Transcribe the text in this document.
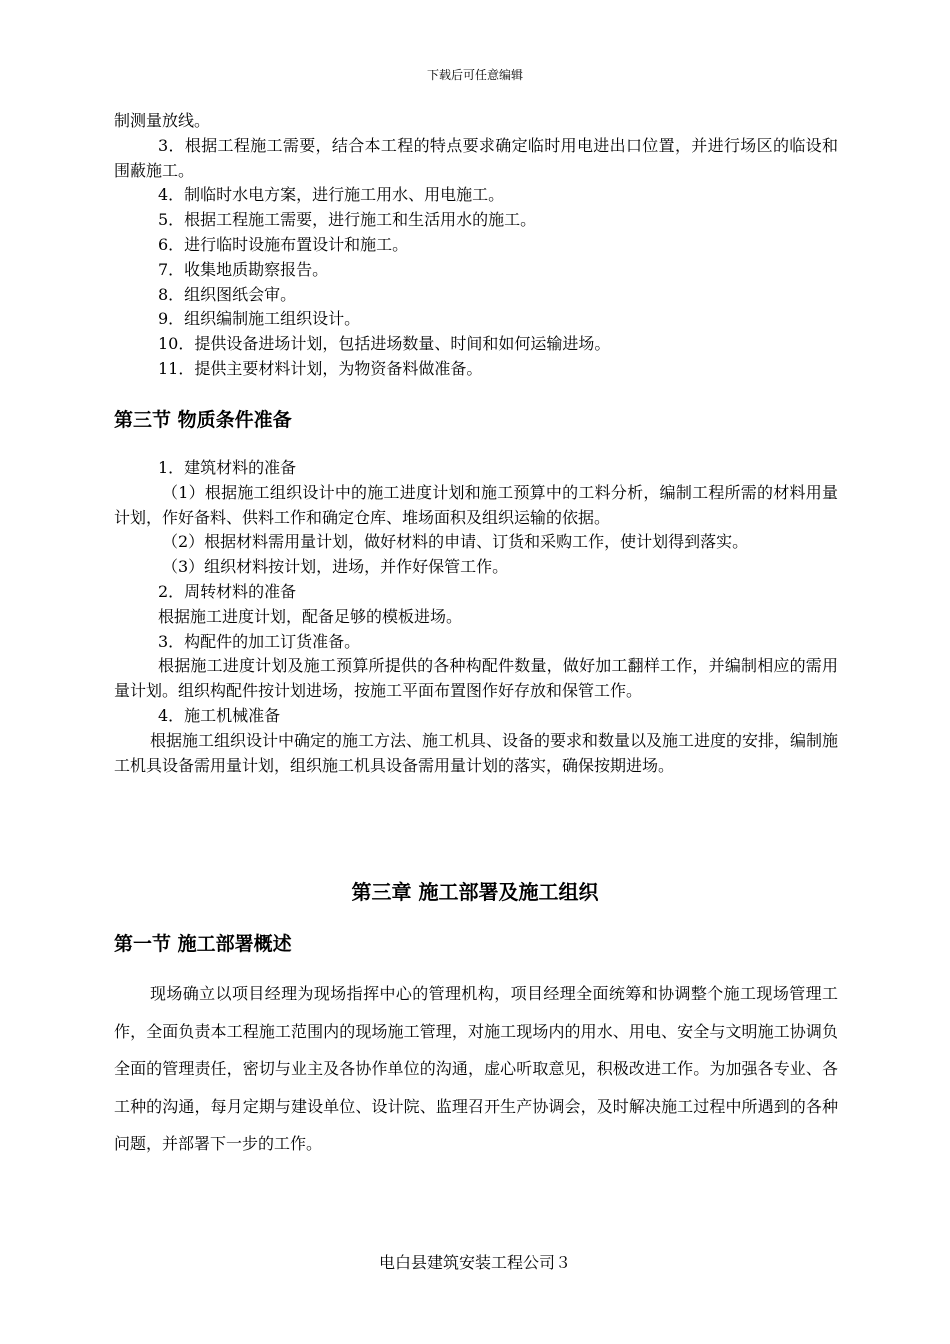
下载后可任意编辑

制测量放线。

3．根据工程施工需要，结合本工程的特点要求确定临时用电进出口位置，并进行场区的临设和围蔽施工。

4．制临时水电方案，进行施工用水、用电施工。

5．根据工程施工需要，进行施工和生活用水的施工。

6．进行临时设施布置设计和施工。

7．收集地质勘察报告。

8．组织图纸会审。

9．组织编制施工组织设计。

10．提供设备进场计划，包括进场数量、时间和如何运输进场。

11．提供主要材料计划，为物资备料做准备。

第三节 物质条件准备

1．建筑材料的准备

（1）根据施工组织设计中的施工进度计划和施工预算中的工料分析，编制工程所需的材料用量计划，作好备料、供料工作和确定仓库、堆场面积及组织运输的依据。

（2）根据材料需用量计划，做好材料的申请、订货和采购工作，使计划得到落实。

（3）组织材料按计划，进场，并作好保管工作。

2．周转材料的准备

根据施工进度计划，配备足够的模板进场。

3．构配件的加工订货准备。

根据施工进度计划及施工预算所提供的各种构配件数量，做好加工翻样工作，并编制相应的需用量计划。组织构配件按计划进场，按施工平面布置图作好存放和保管工作。

4．施工机械准备

根据施工组织设计中确定的施工方法、施工机具、设备的要求和数量以及施工进度的安排，编制施工机具设备需用量计划，组织施工机具设备需用量计划的落实，确保按期进场。

第三章 施工部署及施工组织
第一节 施工部署概述

现场确立以项目经理为现场指挥中心的管理机构，项目经理全面统筹和协调整个施工现场管理工作，全面负责本工程施工范围内的现场施工管理，对施工现场内的用水、用电、安全与文明施工协调负全面的管理责任，密切与业主及各协作单位的沟通，虚心听取意见，积极改进工作。为加强各专业、各工种的沟通，每月定期与建设单位、设计院、监理召开生产协调会，及时解决施工过程中所遇到的各种问题，并部署下一步的工作。

电白县建筑安装工程公司３
